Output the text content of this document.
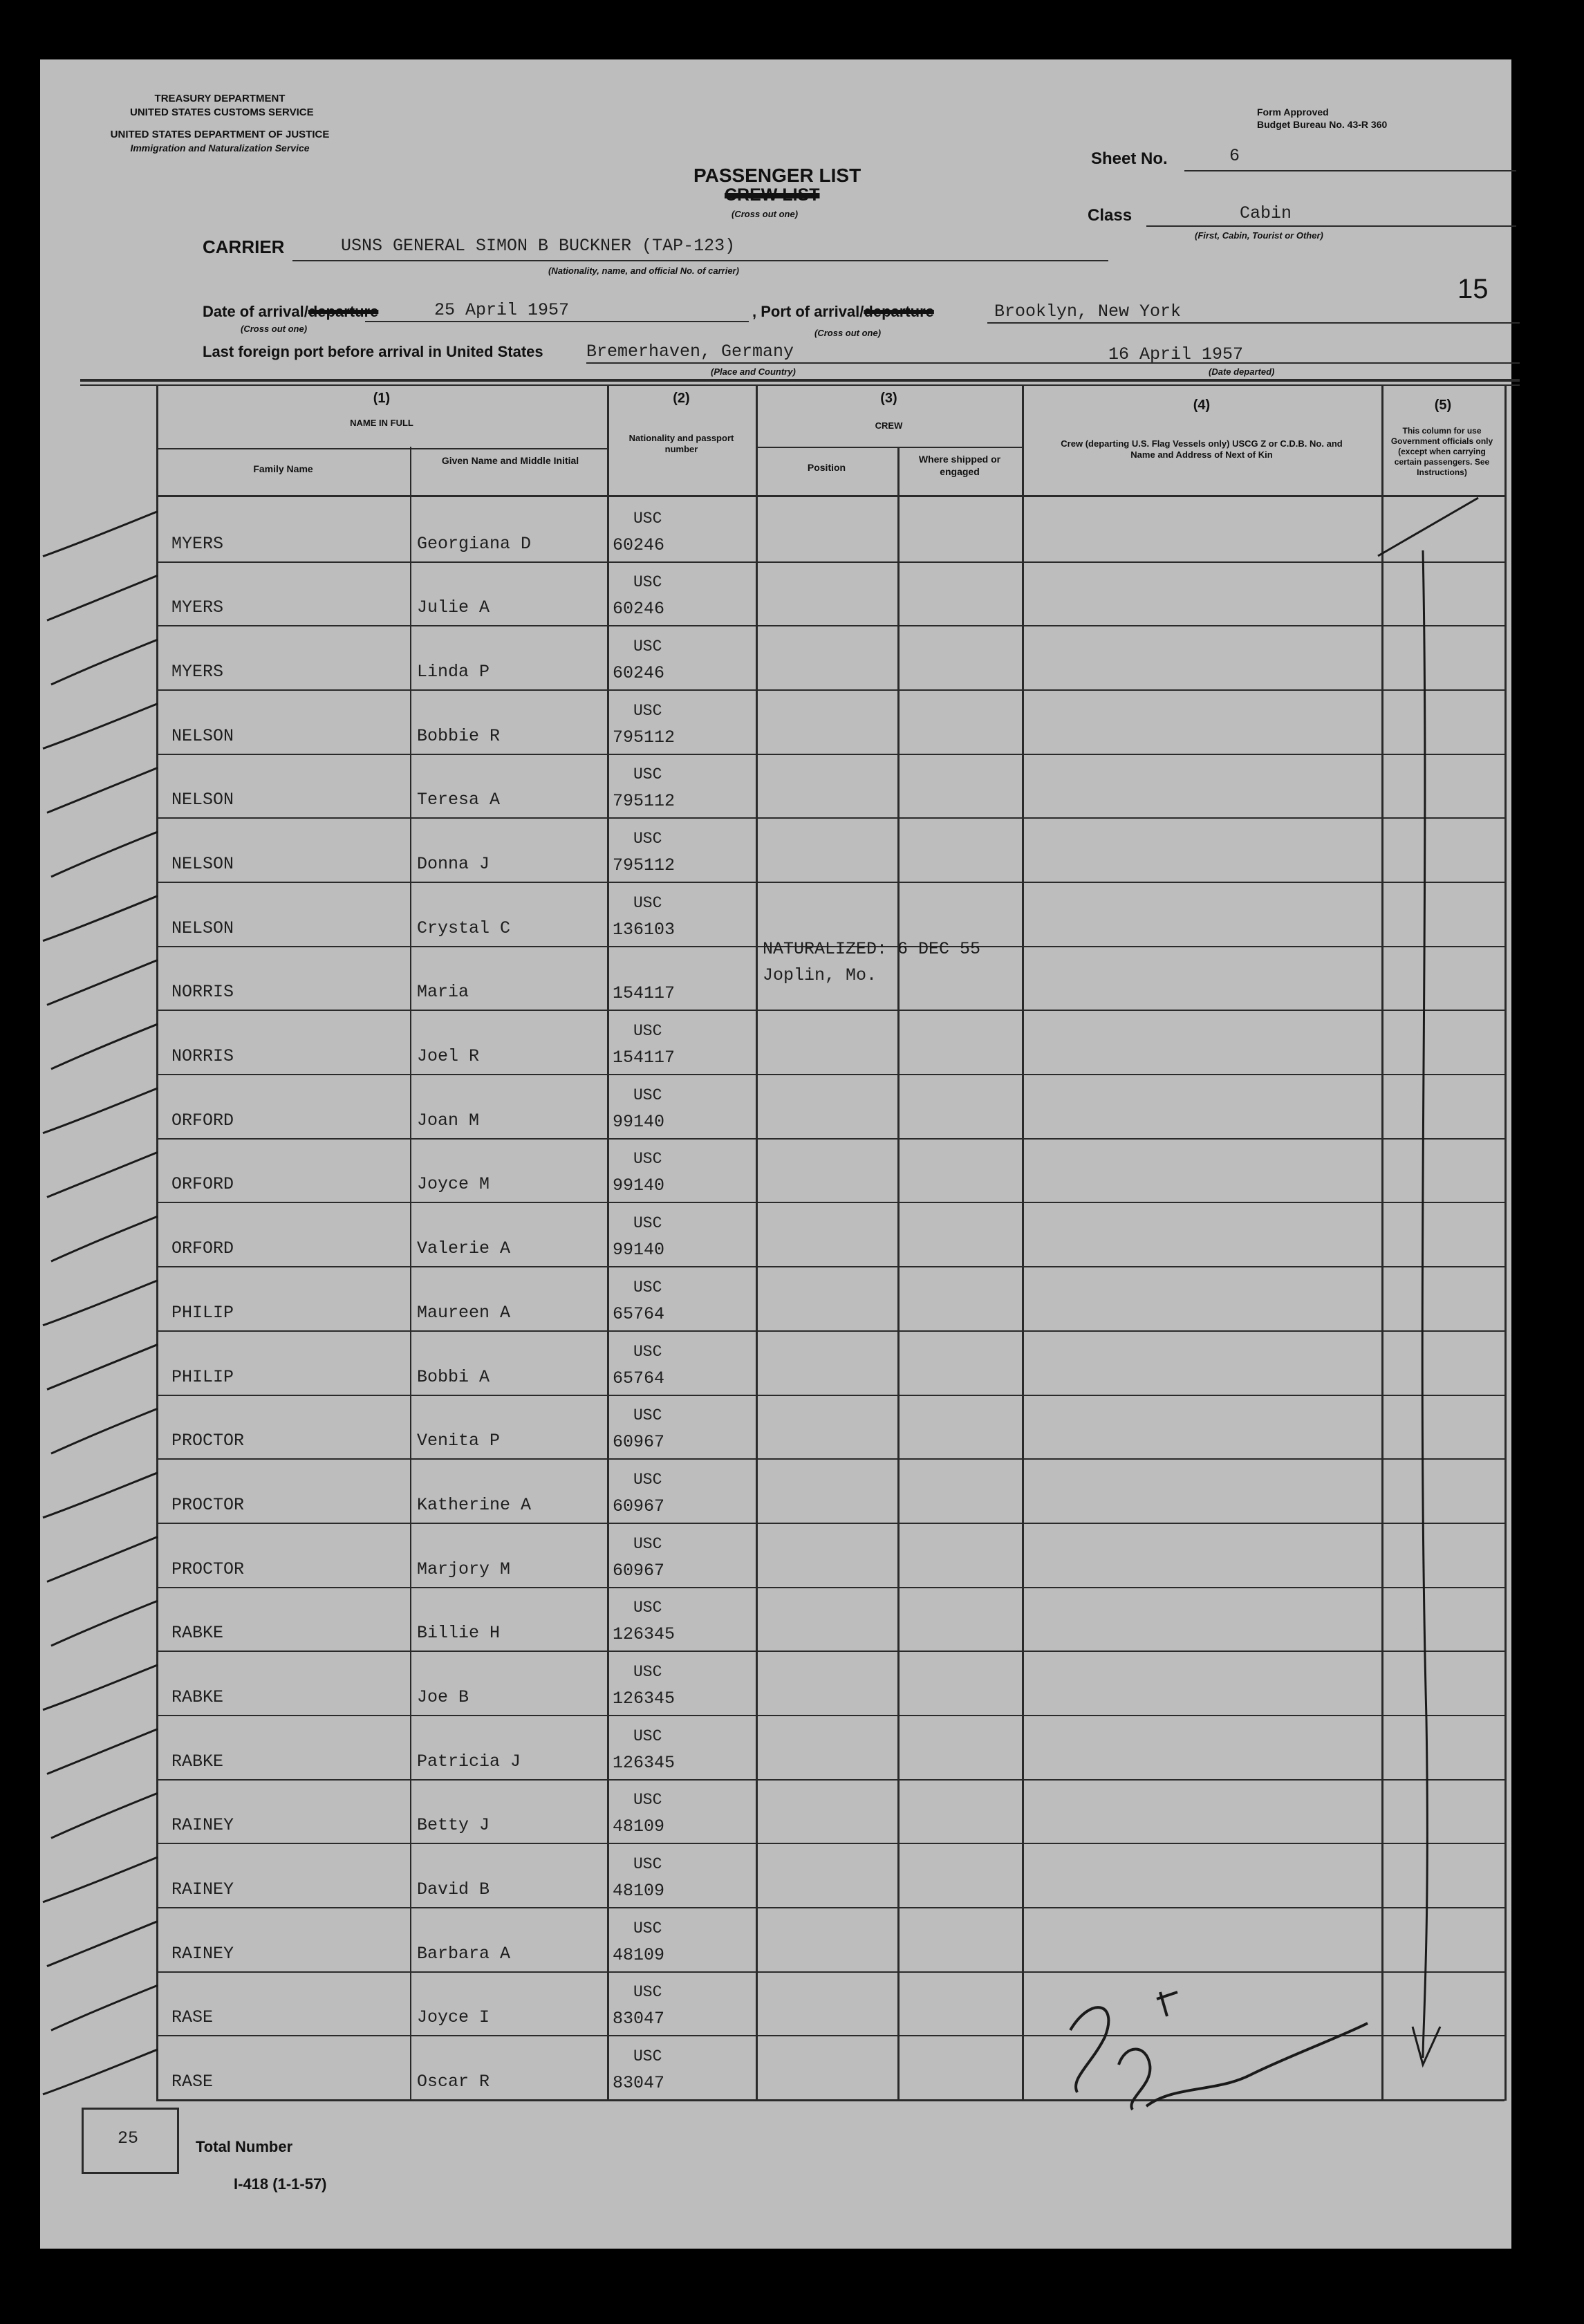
TREASURY DEPARTMENT
UNITED STATES CUSTOMS SERVICE
UNITED STATES DEPARTMENT OF JUSTICE
Immigration and Naturalization Service
Form Approved
Budget Bureau No. 43-R 360
PASSENGER LIST
CREW LIST
(Cross out one)
Sheet No.	6
Class	Cabin
(First, Cabin, Tourist or Other)
15
CARRIER	USNS GENERAL SIMON B BUCKNER (TAP-123)
(Nationality, name, and official No. of carrier)
Date of arrival/departure	25 April 1957
(Cross out one)
, Port of arrival/departure	Brooklyn, New York
(Cross out one)
Last foreign port before arrival in United States Bremerhaven, Germany
(Place and Country)
16 April 1957
(Date departed)
(1)
NAME IN FULL
Family Name
Given Name and Middle Initial
(2)
Nationality and passport number
(3)
CREW
Position
Where shipped or engaged
(4)
Crew (departing U.S. Flag Vessels only) USCG Z or C.D.B. No. and Name and Address of Next of Kin
(5)
This column for use Government officials only (except when carrying certain passengers. See Instructions)
MYERS	Georgiana D
USC
60246
MYERS	Julie A
USC
60246
MYERS	Linda P
USC
60246
NELSON	Bobbie R
USC
795112
NELSON	Teresa A
USC
795112
NELSON	Donna J
USC
795112
NELSON	Crystal C
USC
136103
NORRIS	Maria	154117
NORRIS	Joel R
USC
154117
ORFORD	Joan M
USC
99140
ORFORD	Joyce M
USC
99140
ORFORD	Valerie A
USC
99140
PHILIP	Maureen A
USC
65764
PHILIP	Bobbi A
USC
65764
PROCTOR	Venita P
USC
60967
PROCTOR	Katherine A
USC
60967
PROCTOR	Marjory M
USC
60967
RABKE	Billie H
USC
126345
RABKE	Joe B
USC
126345
RABKE	Patricia J
USC
126345
RAINEY	Betty J
USC
48109
RAINEY	David B
USC
48109
RAINEY	Barbara A
USC
48109
RASE	Joyce I
USC
83047
RASE	Oscar R
USC
83047
NATURALIZED: 6 DEC 55
Joplin, Mo.
25	Total Number
I-418 (1-1-57)
